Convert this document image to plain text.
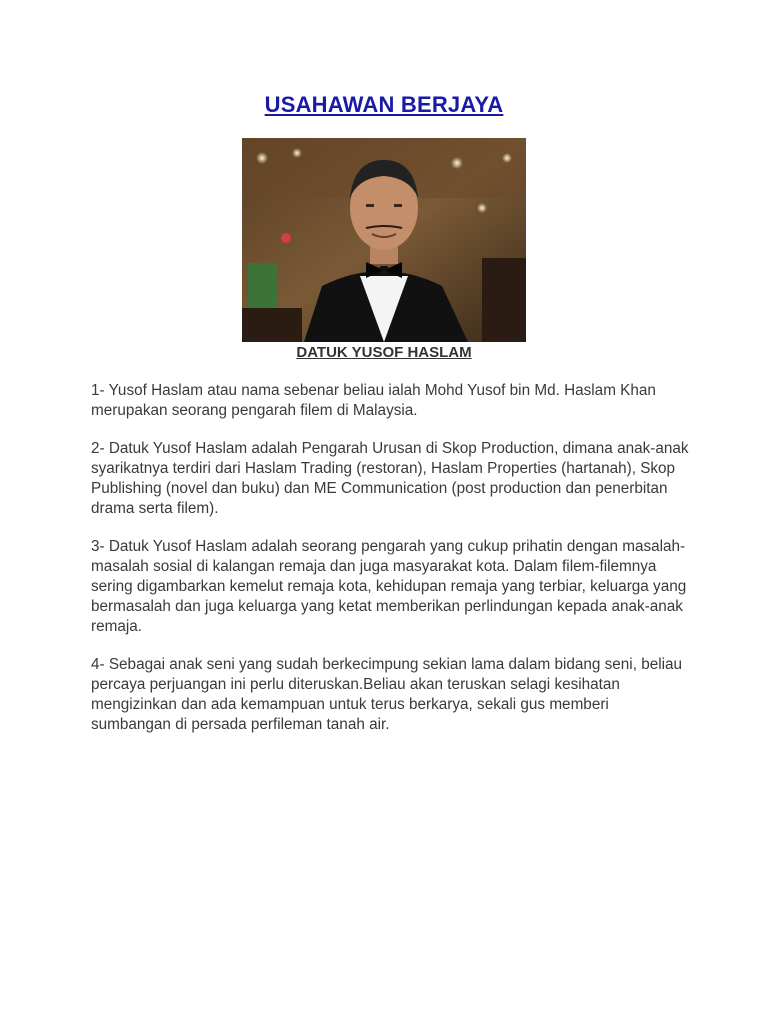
USAHAWAN BERJAYA
DATUK YUSOF HASLAM

1- Yusof Haslam atau nama sebenar beliau ialah Mohd Yusof bin Md. Haslam Khan merupakan seorang pengarah filem di Malaysia.

2- Datuk Yusof Haslam adalah Pengarah Urusan di Skop Production, dimana anak-anak syarikatnya terdiri dari Haslam Trading (restoran), Haslam Properties (hartanah), Skop Publishing (novel dan buku) dan ME Communication (post production dan penerbitan drama serta filem).

3- Datuk Yusof Haslam adalah seorang pengarah yang cukup prihatin dengan masalah-masalah sosial di kalangan remaja dan juga masyarakat kota. Dalam filem-filemnya sering digambarkan kemelut remaja kota, kehidupan remaja yang terbiar, keluarga yang bermasalah dan juga keluarga yang ketat memberikan perlindungan kepada anak-anak remaja.

4- Sebagai anak seni yang sudah berkecimpung sekian lama dalam bidang seni, beliau percaya perjuangan ini perlu diteruskan.Beliau akan teruskan selagi kesihatan mengizinkan dan ada kemampuan untuk terus berkarya, sekali gus memberi sumbangan di persada perfileman tanah air.
